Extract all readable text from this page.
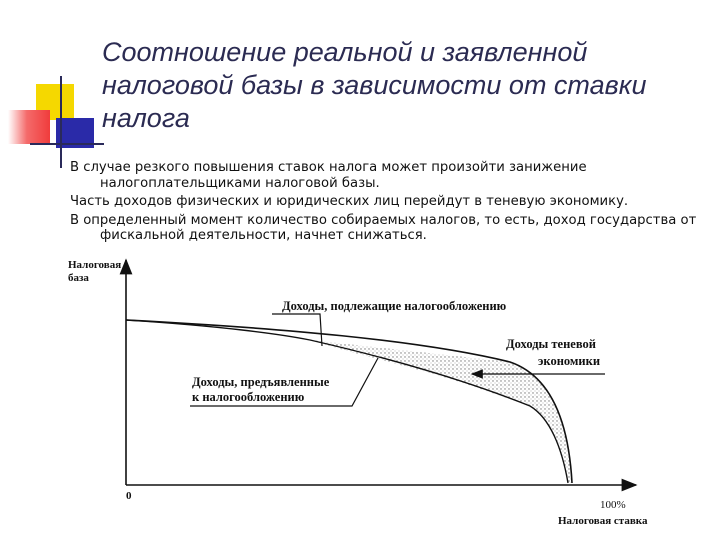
Соотношение реальной и заявленной
налоговой базы в зависимости от ставки
налога
В случае резкого повышения ставок налога может произойти занижение налогоплательщиками налоговой базы.
Часть доходов физических и юридических лиц перейдут в теневую экономику.
В определенный момент количество собираемых налогов, то есть, доход государства от фискальной деятельности, начнет снижаться.
Налоговая
база
Доходы, подлежащие налогообложению
Доходы теневой
экономики
Доходы, предъявленные
к налогообложению
0
100%
Налоговая ставка
